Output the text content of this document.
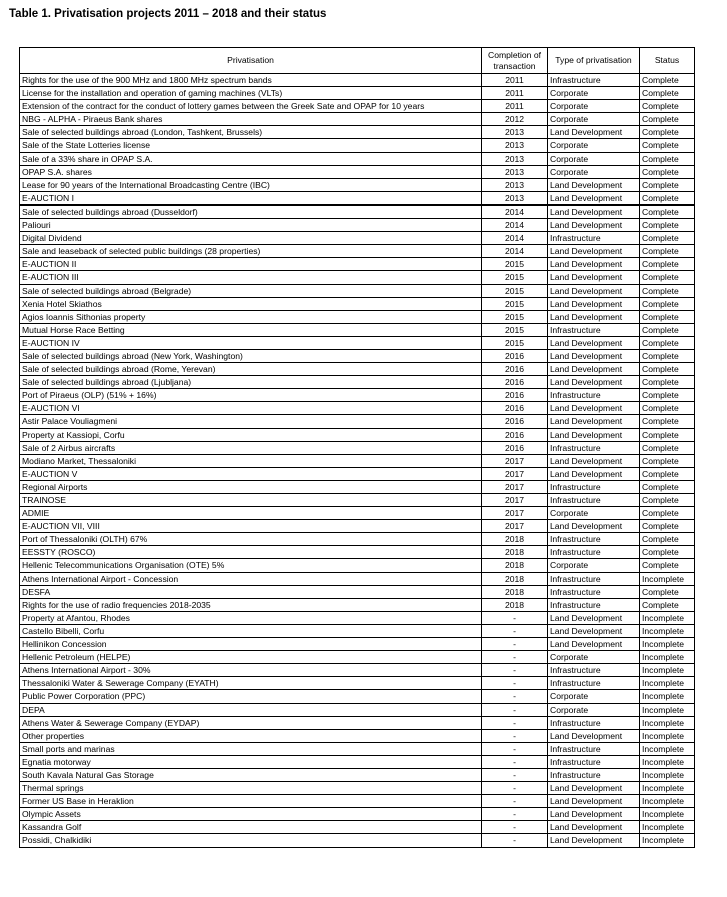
Table 1. Privatisation projects 2011 – 2018 and their status
Privatisation	Completion of transaction	Type of privatisation	Status
Rights for the use of the 900 MHz and 1800 MHz spectrum bands	2011	Infrastructure	Complete
License for the installation and operation of gaming machines (VLTs)	2011	Corporate	Complete
Extension of the contract for the conduct of lottery games between the Greek Sate and OPAP for 10 years	2011	Corporate	Complete
NBG - ALPHA - Piraeus Bank shares	2012	Corporate	Complete
Sale of selected buildings abroad (London, Tashkent, Brussels)	2013	Land Development	Complete
Sale of the State Lotteries license	2013	Corporate	Complete
Sale of a 33% share in OPAP S.A.	2013	Corporate	Complete
OPAP S.A. shares	2013	Corporate	Complete
Lease for 90 years of the International Broadcasting Centre (IBC)	2013	Land Development	Complete
E-AUCTION I	2013	Land Development	Complete
Sale of selected buildings abroad (Dusseldorf)	2014	Land Development	Complete
Paliouri	2014	Land Development	Complete
Digital Dividend	2014	Infrastructure	Complete
Sale and leaseback of selected public buildings (28 properties)	2014	Land Development	Complete
E-AUCTION II	2015	Land Development	Complete
E-AUCTION III	2015	Land Development	Complete
Sale of selected buildings abroad (Belgrade)	2015	Land Development	Complete
Xenia Hotel Skiathos	2015	Land Development	Complete
Agios Ioannis Sithonias property	2015	Land Development	Complete
Mutual Horse Race Betting	2015	Infrastructure	Complete
E-AUCTION IV	2015	Land Development	Complete
Sale of selected buildings abroad (New York, Washington)	2016	Land Development	Complete
Sale of selected buildings abroad (Rome, Yerevan)	2016	Land Development	Complete
Sale of selected buildings abroad (Ljubljana)	2016	Land Development	Complete
Port of Piraeus (OLP) (51% + 16%)	2016	Infrastructure	Complete
E-AUCTION VI	2016	Land Development	Complete
Astir Palace Vouliagmeni	2016	Land Development	Complete
Property at Kassiopi, Corfu	2016	Land Development	Complete
Sale of 2 Airbus aircrafts	2016	Infrastructure	Complete
Modiano Market, Thessaloniki	2017	Land Development	Complete
E-AUCTION V	2017	Land Development	Complete
Regional Airports	2017	Infrastructure	Complete
TRAINOSE	2017	Infrastructure	Complete
ADMIE	2017	Corporate	Complete
E-AUCTION VII, VIII	2017	Land Development	Complete
Port of Thessaloniki (OLTH) 67%	2018	Infrastructure	Complete
EESSTY (ROSCO)	2018	Infrastructure	Complete
Hellenic Telecommunications Organisation (OTE) 5%	2018	Corporate	Complete
Athens International Airport - Concession	2018	Infrastructure	Incomplete
DESFA	2018	Infrastructure	Complete
Rights for the use of radio frequencies 2018-2035	2018	Infrastructure	Complete
Property at Afantou, Rhodes	-	Land Development	Incomplete
Castello Bibelli, Corfu	-	Land Development	Incomplete
Hellinikon Concession	-	Land Development	Incomplete
Hellenic Petroleum (HELPE)	-	Corporate	Incomplete
Athens International Airport - 30%	-	Infrastructure	Incomplete
Thessaloniki Water & Sewerage Company (EYATH)	-	Infrastructure	Incomplete
Public Power Corporation (PPC)	-	Corporate	Incomplete
DEPA	-	Corporate	Incomplete
Athens Water & Sewerage Company (EYDAP)	-	Infrastructure	Incomplete
Other properties	-	Land Development	Incomplete
Small ports and marinas	-	Infrastructure	Incomplete
Egnatia motorway	-	Infrastructure	Incomplete
South Kavala Natural Gas Storage	-	Infrastructure	Incomplete
Thermal springs	-	Land Development	Incomplete
Former US Base in Heraklion	-	Land Development	Incomplete
Olympic Assets	-	Land Development	Incomplete
Kassandra Golf	-	Land Development	Incomplete
Possidi, Chalkidiki	-	Land Development	Incomplete
